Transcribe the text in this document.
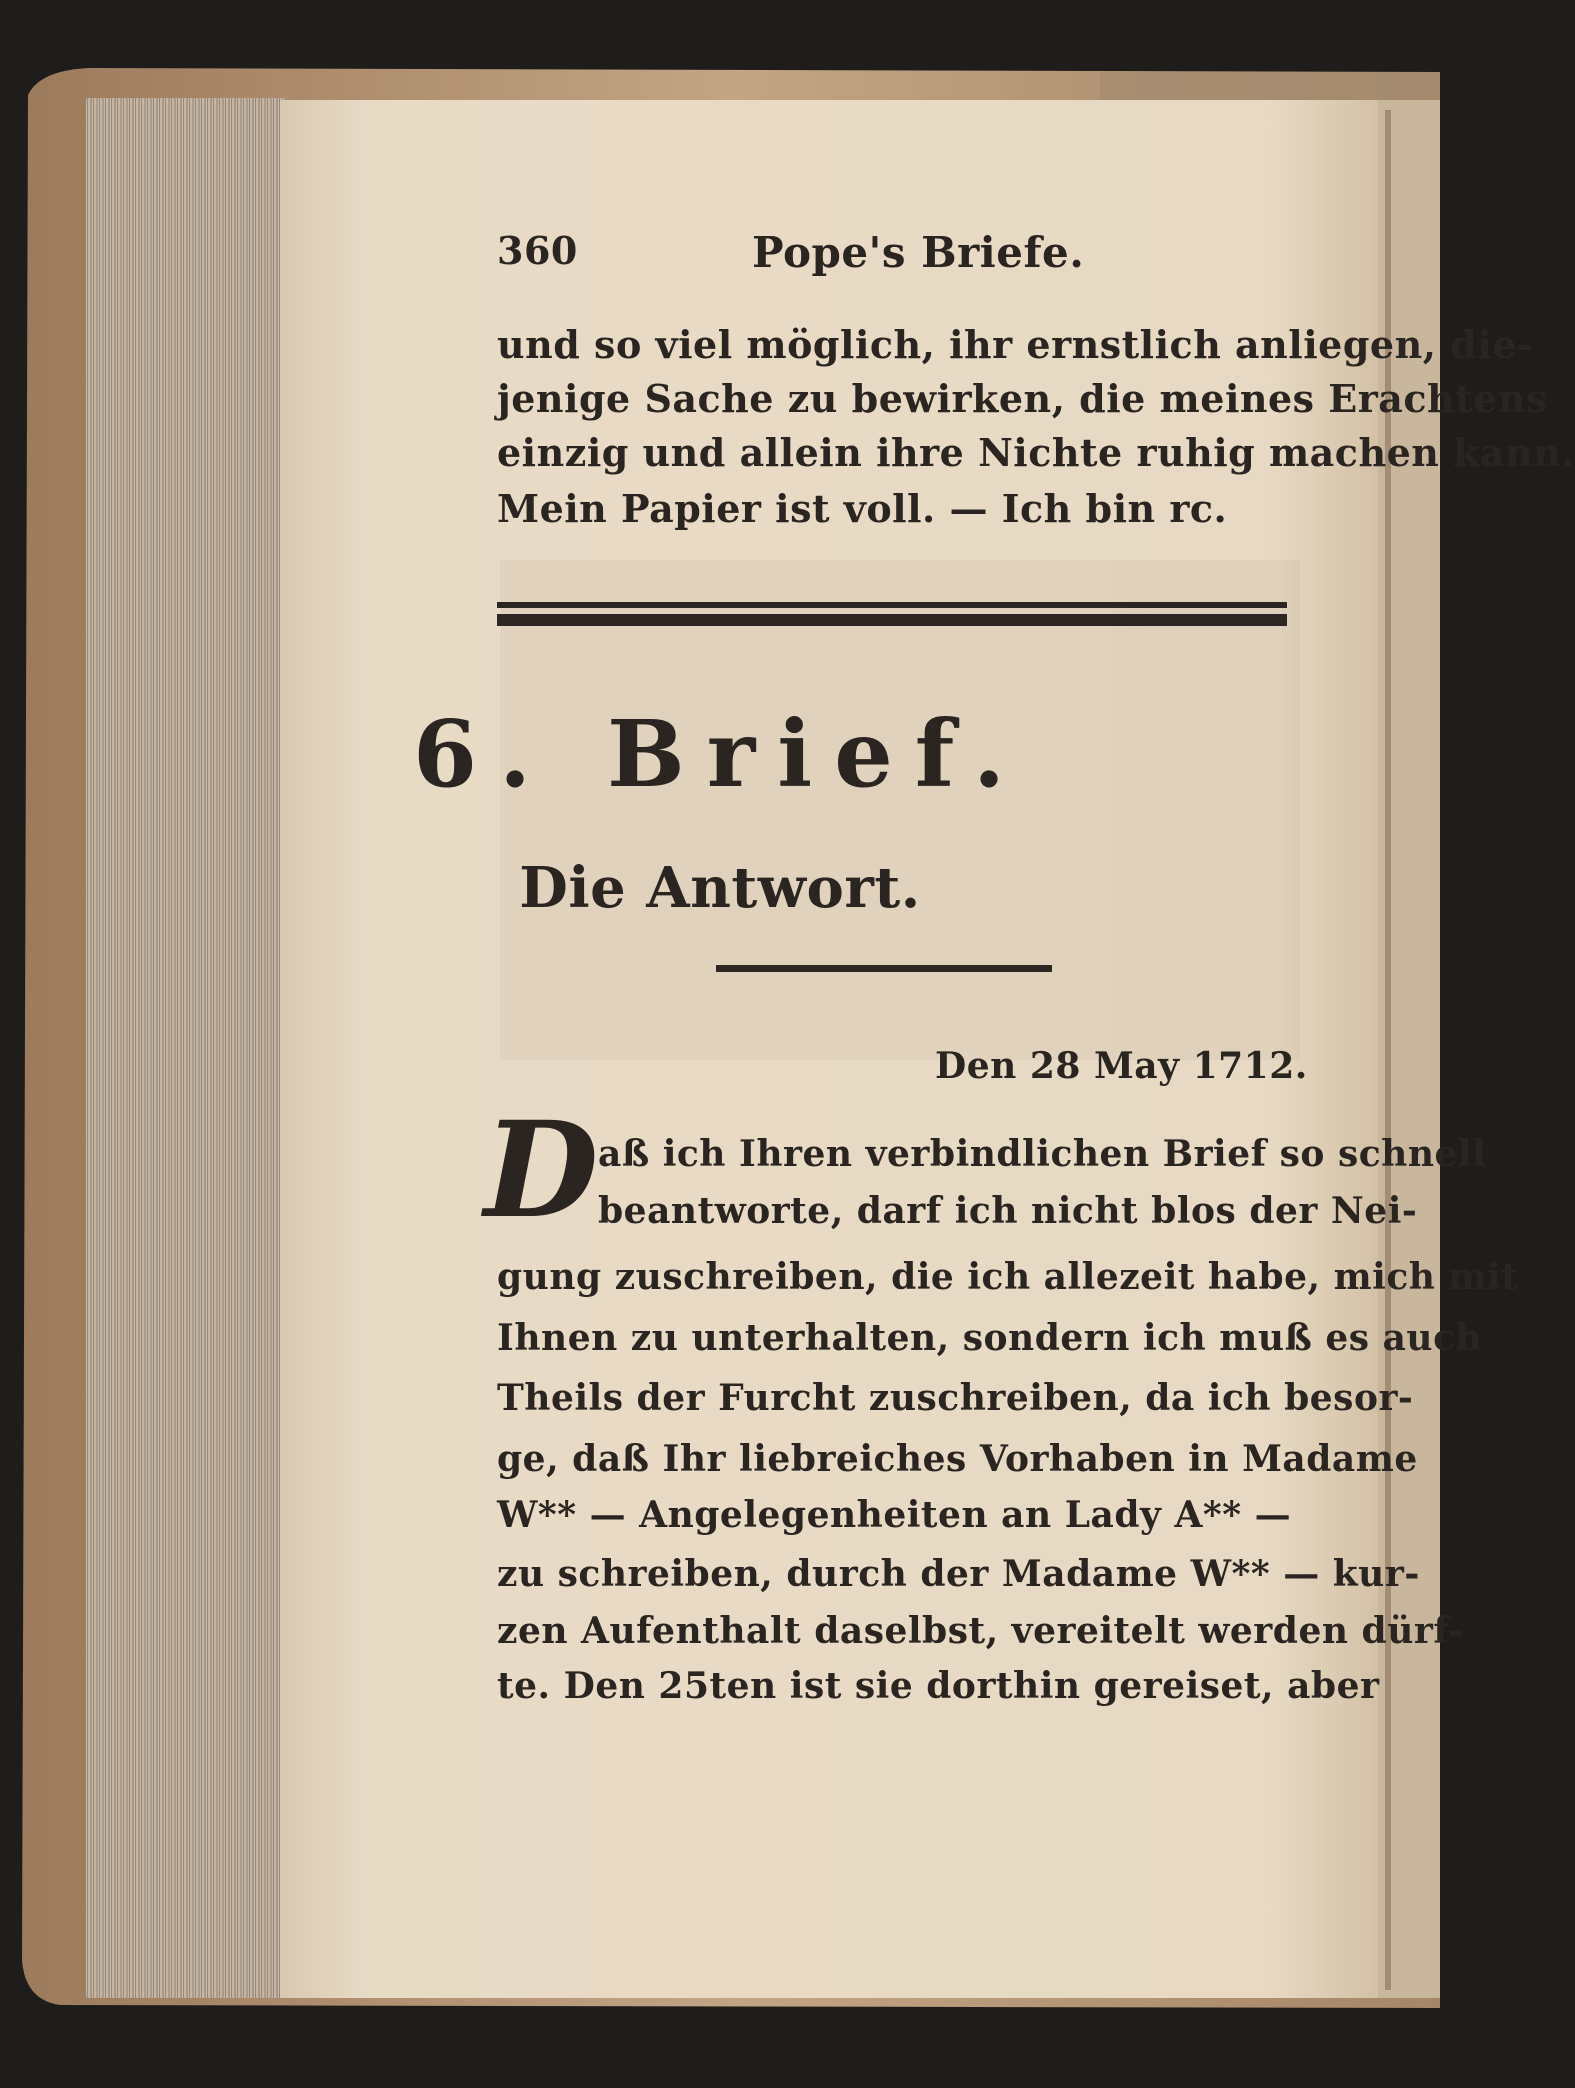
360	Pope's Briefe.
und so viel möglich, ihr ernstlich anliegen, die-
jenige Sache zu bewirken, die meines Erachtens
einzig und allein ihre Nichte ruhig machen kann.
Mein Papier ist voll. — Ich bin rc.
6. Brief.
Die Antwort.
Den 28 May 1712.
D aß ich Ihren verbindlichen Brief so schnell
beantworte, darf ich nicht blos der Nei-
gung zuschreiben, die ich allezeit habe, mich mit
Ihnen zu unterhalten, sondern ich muß es auch
Theils der Furcht zuschreiben, da ich besor-
ge, daß Ihr liebreiches Vorhaben in Madame
W** — Angelegenheiten an Lady A** —
zu schreiben, durch der Madame W** — kur-
zen Aufenthalt daselbst, vereitelt werden dürf-
te. Den 25ten ist sie dorthin gereiset, aber
